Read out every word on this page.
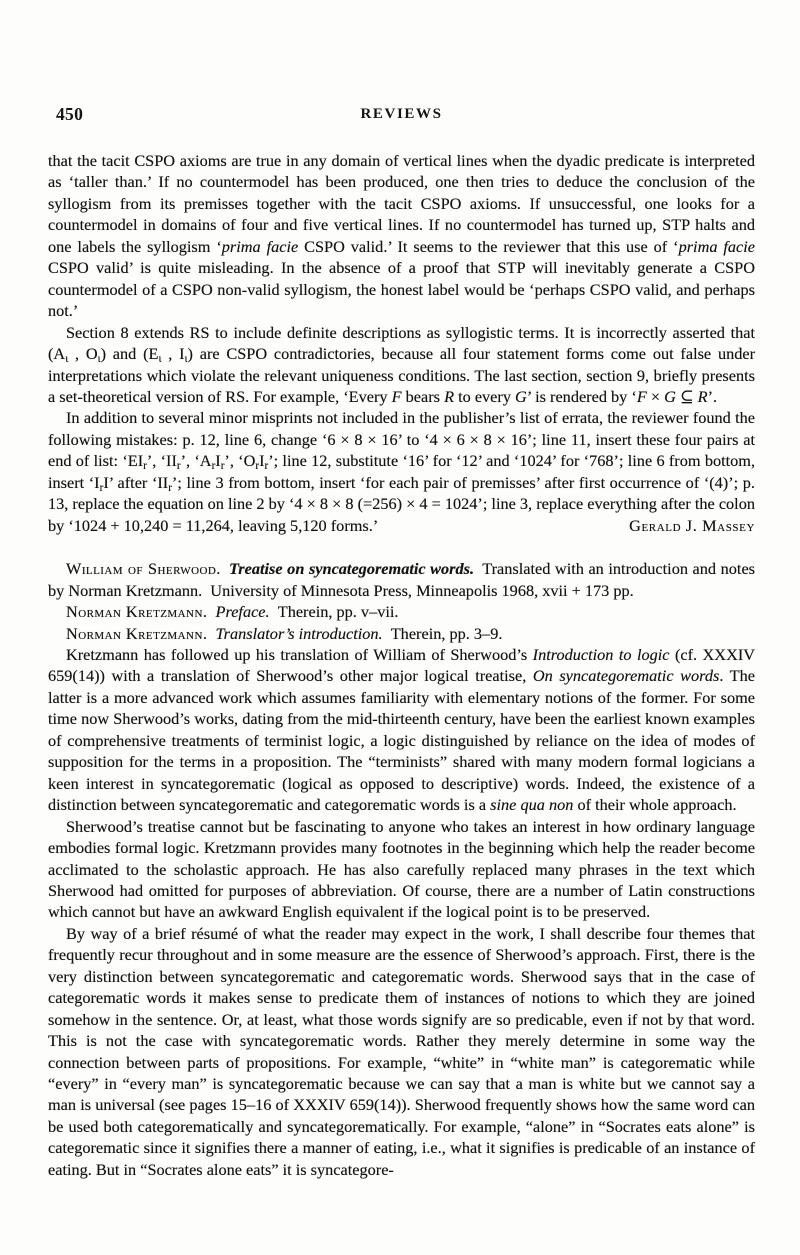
450	REVIEWS

that the tacit CSPO axioms are true in any domain of vertical lines when the dyadic predicate is interpreted as ‘taller than.’ If no countermodel has been produced, one then tries to deduce the conclusion of the syllogism from its premisses together with the tacit CSPO axioms. If unsuccessful, one looks for a countermodel in domains of four and five vertical lines. If no countermodel has turned up, STP halts and one labels the syllogism ‘prima facie CSPO valid.’ It seems to the reviewer that this use of ‘prima facie CSPO valid’ is quite misleading. In the absence of a proof that STP will inevitably generate a CSPO countermodel of a CSPO non-valid syllogism, the honest label would be ‘perhaps CSPO valid, and perhaps not.’

Section 8 extends RS to include definite descriptions as syllogistic terms. It is incorrectly asserted that ($A_\iota$ , $O_\iota$) and ($E_\iota$ , $I_\iota$) are CSPO contradictories, because all four statement forms come out false under interpretations which violate the relevant uniqueness conditions. The last section, section 9, briefly presents a set-theoretical version of RS. For example, ‘Every F bears R to every G’ is rendered by ‘F × G ⊆ R’.

In addition to several minor misprints not included in the publisher’s list of errata, the reviewer found the following mistakes: p. 12, line 6, change ‘6 × 8 × 16’ to ‘4 × 6 × 8 × 16’; line 11, insert these four pairs at end of list: ‘$EI_r$’, ‘$II_r$’, ‘$A_rI_r$’, ‘$O_rI_r$’; line 12, substitute ‘16’ for ‘12’ and ‘1024’ for ‘768’; line 6 from bottom, insert ‘$I_rI$’ after ‘$II_r$’; line 3 from bottom, insert ‘for each pair of premisses’ after first occurrence of ‘(4)’; p. 13, replace the equation on line 2 by ‘4 × 8 × 8 (=256) × 4 = 1024’; line 3, replace everything after the colon by ‘1024 + 10,240 = 11,264, leaving 5,120 forms.’	Gerald J. Massey

William of Sherwood.  Treatise on syncategorematic words. Translated with an introduction and notes by Norman Kretzmann. University of Minnesota Press, Minneapolis 1968, xvii + 173 pp.

Norman Kretzmann.  Preface. Therein, pp. v–vii.

Norman Kretzmann.  Translator’s introduction. Therein, pp. 3–9.

Kretzmann has followed up his translation of William of Sherwood’s Introduction to logic (cf. XXXIV 659(14)) with a translation of Sherwood’s other major logical treatise, On syncategorematic words. The latter is a more advanced work which assumes familiarity with elementary notions of the former. For some time now Sherwood’s works, dating from the mid-thirteenth century, have been the earliest known examples of comprehensive treatments of terminist logic, a logic distinguished by reliance on the idea of modes of supposition for the terms in a proposition. The “terminists” shared with many modern formal logicians a keen interest in syncategorematic (logical as opposed to descriptive) words. Indeed, the existence of a distinction between syncategorematic and categorematic words is a sine qua non of their whole approach.

Sherwood’s treatise cannot but be fascinating to anyone who takes an interest in how ordinary language embodies formal logic. Kretzmann provides many footnotes in the beginning which help the reader become acclimated to the scholastic approach. He has also carefully replaced many phrases in the text which Sherwood had omitted for purposes of abbreviation. Of course, there are a number of Latin constructions which cannot but have an awkward English equivalent if the logical point is to be preserved.

By way of a brief résumé of what the reader may expect in the work, I shall describe four themes that frequently recur throughout and in some measure are the essence of Sherwood’s approach. First, there is the very distinction between syncategorematic and categorematic words. Sherwood says that in the case of categorematic words it makes sense to predicate them of instances of notions to which they are joined somehow in the sentence. Or, at least, what those words signify are so predicable, even if not by that word. This is not the case with syncategorematic words. Rather they merely determine in some way the connection between parts of propositions. For example, “white” in “white man” is categorematic while “every” in “every man” is syncategorematic because we can say that a man is white but we cannot say a man is universal (see pages 15–16 of XXXIV 659(14)). Sherwood frequently shows how the same word can be used both categorematically and syncategorematically. For example, “alone” in “Socrates eats alone” is categorematic since it signifies there a manner of eating, i.e., what it signifies is predicable of an instance of eating. But in “Socrates alone eats” it is syncategore-
